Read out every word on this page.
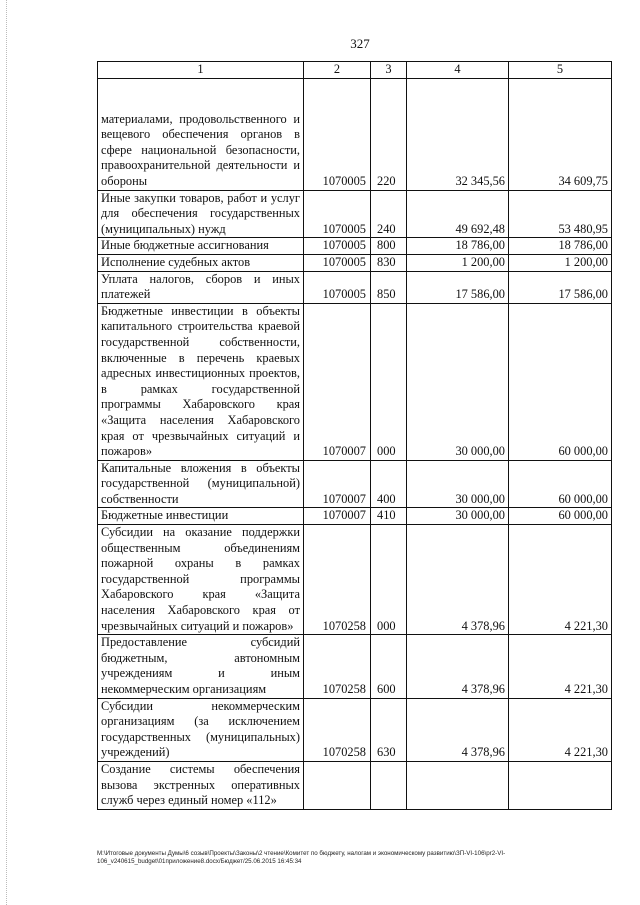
327
1	2	3	4	5
материалами, продовольственного и вещевого обеспечения органов в сфере национальной безопасности, правоохранительной деятельности и обороны	1070005	220	32 345,56	34 609,75
Иные закупки товаров, работ и услуг для обеспечения государственных (муниципальных) нужд	1070005	240	49 692,48	53 480,95
Иные бюджетные ассигнования	1070005	800	18 786,00	18 786,00
Исполнение судебных актов	1070005	830	1 200,00	1 200,00
Уплата налогов, сборов и иных платежей	1070005	850	17 586,00	17 586,00
Бюджетные инвестиции в объекты капитального строительства краевой государственной собственности, включенные в перечень краевых адресных инвестиционных проектов, в рамках государственной программы Хабаровского края «Защита населения Хабаровского края от чрезвычайных ситуаций и пожаров»	1070007	000	30 000,00	60 000,00
Капитальные вложения в объекты государственной (муниципальной) собственности	1070007	400	30 000,00	60 000,00
Бюджетные инвестиции	1070007	410	30 000,00	60 000,00
Субсидии на оказание поддержки общественным объединениям пожарной охраны в рамках государственной программы Хабаровского края «Защита населения Хабаровского края от чрезвычайных ситуаций и пожаров»	1070258	000	4 378,96	4 221,30
Предоставление субсидий бюджетным, автономным учреждениям и иным некоммерческим организациям	1070258	600	4 378,96	4 221,30
Субсидии некоммерческим организациям (за исключением государственных (муниципальных) учреждений)	1070258	630	4 378,96	4 221,30
Создание системы обеспечения вызова экстренных оперативных служб через единый номер «112»				
M:\Итоговые документы Думы\6 созыв\Проекты\Законы\2 чтение\Комитет по бюджету, налогам и экономическому развитию\ЗП-VI-106\pr2-VI-106_v240615_budget\01приложение8.docx/Бюджет/25.06.2015 16:45:34
